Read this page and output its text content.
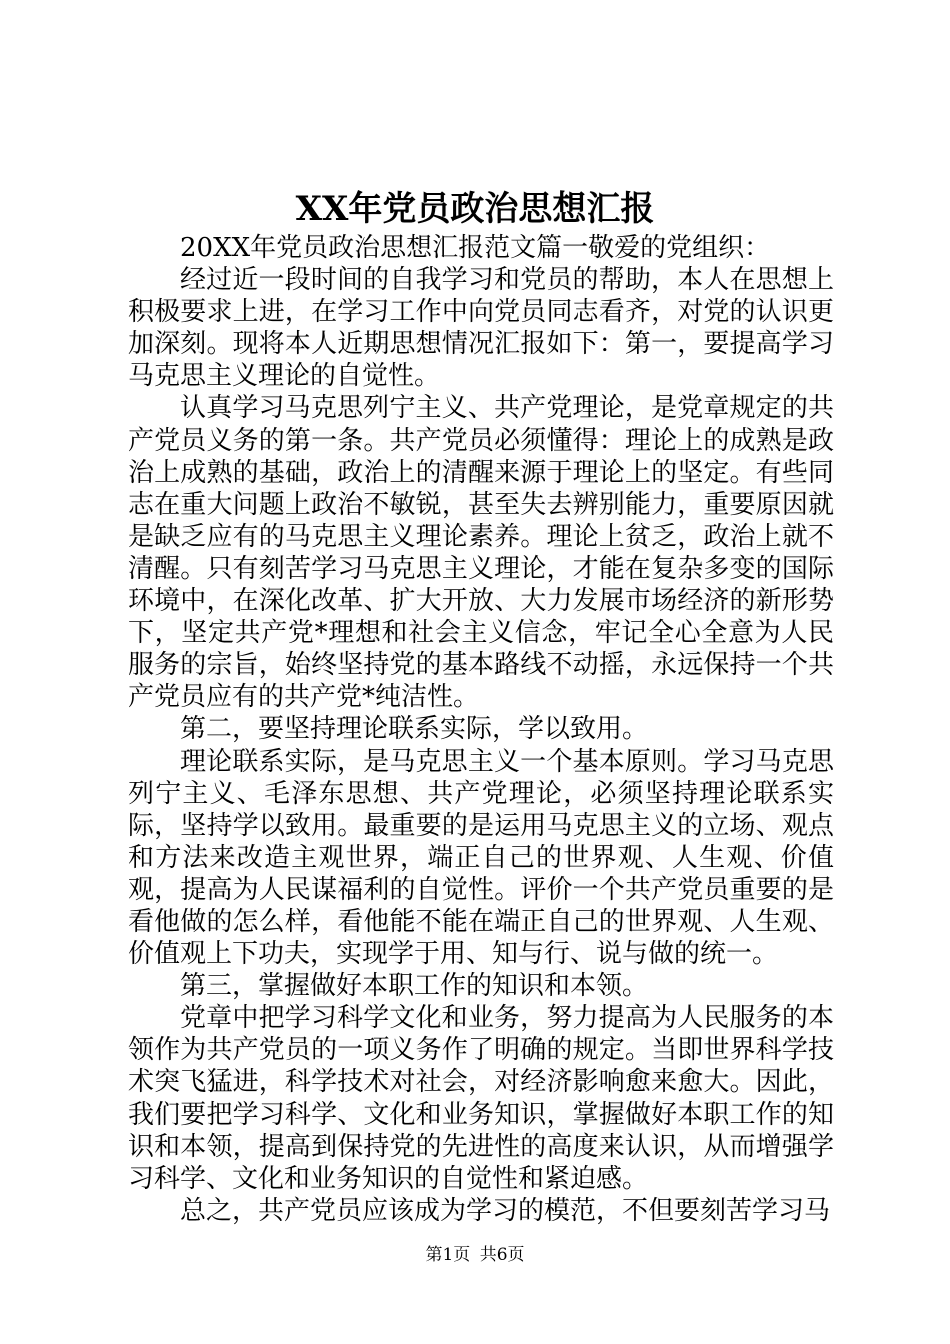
XX年党员政治思想汇报

20XX年党员政治思想汇报范文篇一敬爱的党组织：

经过近一段时间的自我学习和党员的帮助，本人在思想上积极要求上进，在学习工作中向党员同志看齐，对党的认识更加深刻。现将本人近期思想情况汇报如下：第一，要提高学习马克思主义理论的自觉性。

认真学习马克思列宁主义、共产党理论，是党章规定的共产党员义务的第一条。共产党员必须懂得：理论上的成熟是政治上成熟的基础，政治上的清醒来源于理论上的坚定。有些同志在重大问题上政治不敏锐，甚至失去辨别能力，重要原因就是缺乏应有的马克思主义理论素养。理论上贫乏，政治上就不清醒。只有刻苦学习马克思主义理论，才能在复杂多变的国际环境中，在深化改革、扩大开放、大力发展市场经济的新形势下，坚定共产党*理想和社会主义信念，牢记全心全意为人民服务的宗旨，始终坚持党的基本路线不动摇，永远保持一个共产党员应有的共产党*纯洁性。

第二，要坚持理论联系实际，学以致用。

理论联系实际，是马克思主义一个基本原则。学习马克思列宁主义、毛泽东思想、共产党理论，必须坚持理论联系实际，坚持学以致用。最重要的是运用马克思主义的立场、观点和方法来改造主观世界，端正自己的世界观、人生观、价值观，提高为人民谋福利的自觉性。评价一个共产党员重要的是看他做的怎么样，看他能不能在端正自己的世界观、人生观、价值观上下功夫，实现学于用、知与行、说与做的统一。

第三，掌握做好本职工作的知识和本领。

党章中把学习科学文化和业务，努力提高为人民服务的本领作为共产党员的一项义务作了明确的规定。当即世界科学技术突飞猛进，科学技术对社会，对经济影响愈来愈大。因此，我们要把学习科学、文化和业务知识，掌握做好本职工作的知识和本领，提高到保持党的先进性的高度来认识，从而增强学习科学、文化和业务知识的自觉性和紧迫感。

总之，共产党员应该成为学习的模范，不但要刻苦学习马

第1页 共6页
